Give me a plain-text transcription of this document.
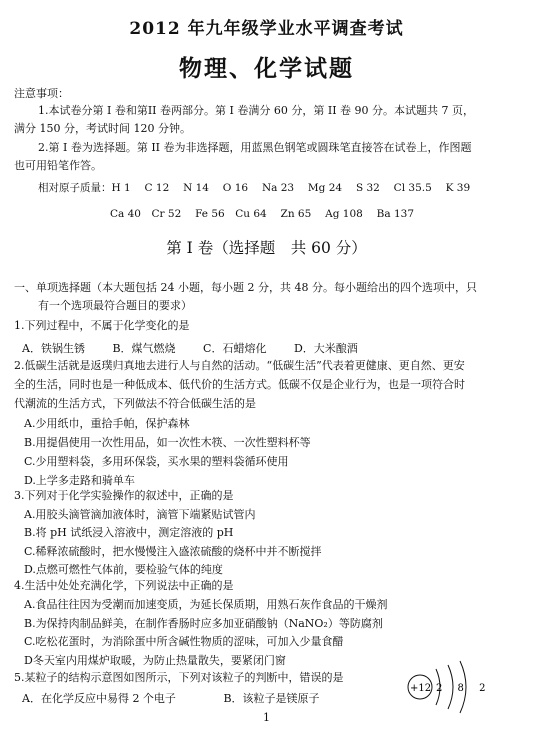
2012 年九年级学业水平调查考试
物理、化学试题
注意事项：
1.本试卷分第 I 卷和第II 卷两部分。第 I 卷满分 60 分，第 II 卷 90 分。本试题共 7 页，
满分 150 分，考试时间 120 分钟。
2.第 I 卷为选择题。第 II 卷为非选择题，用蓝黑色钢笔或圆珠笔直接答在试卷上，作图题
也可用铅笔作答。
相对原子质量：H 1　 C 12　 N 14　 O 16　 Na 23　 Mg 24　 S 32　 Cl 35.5　 K 39
Ca 40　Cr 52　 Fe 56　Cu 64　 Zn 65　 Ag 108　 Ba 137
第 I 卷（选择题　共 60 分）
一、单项选择题（本大题包括 24 小题，每小题 2 分，共 48 分。每小题给出的四个选项中，只
有一个选项最符合题目的要求）
1.下列过程中，不属于化学变化的是
A．铁锅生锈	B．煤气燃烧	C．石蜡熔化	D．大米酿酒
2.低碳生活就是返璞归真地去进行人与自然的活动。“低碳生活”代表着更健康、更自然、更安
全的生活，同时也是一种低成本、低代价的生活方式。低碳不仅是企业行为，也是一项符合时
代潮流的生活方式，下列做法不符合低碳生活的是
A.少用纸巾，重拾手帕，保护森林
B.用提倡使用一次性用品，如一次性木筷、一次性塑料杯等
C.少用塑料袋，多用环保袋，买水果的塑料袋循环使用
D.上学多走路和骑单车
3.下列对于化学实验操作的叙述中，正确的是
A.用胶头滴管滴加液体时，滴管下端紧贴试管内
B.将 pH 试纸浸入溶液中，测定溶液的 pH
C.稀释浓硫酸时，把水慢慢注入盛浓硫酸的烧杯中并不断搅拌
D.点燃可燃性气体前，要检验气体的纯度
4.生活中处处充满化学，下列说法中正确的是
A.食品往往因为受潮而加速变质，为延长保质期，用熟石灰作食品的干燥剂
B.为保持肉制品鲜美，在制作香肠时应多加亚硝酸钠（NaNO₂）等防腐剂
C.吃松花蛋时，为消除蛋中所含碱性物质的涩味，可加入少量食醋
D冬天室内用煤炉取暖，为防止热量散失，要紧闭门窗
5.某粒子的结构示意图如图所示，下列对该粒子的判断中，错误的是
A．在化学反应中易得 2 个电子	B．该粒子是镁原子
+12 2 8 2
1
